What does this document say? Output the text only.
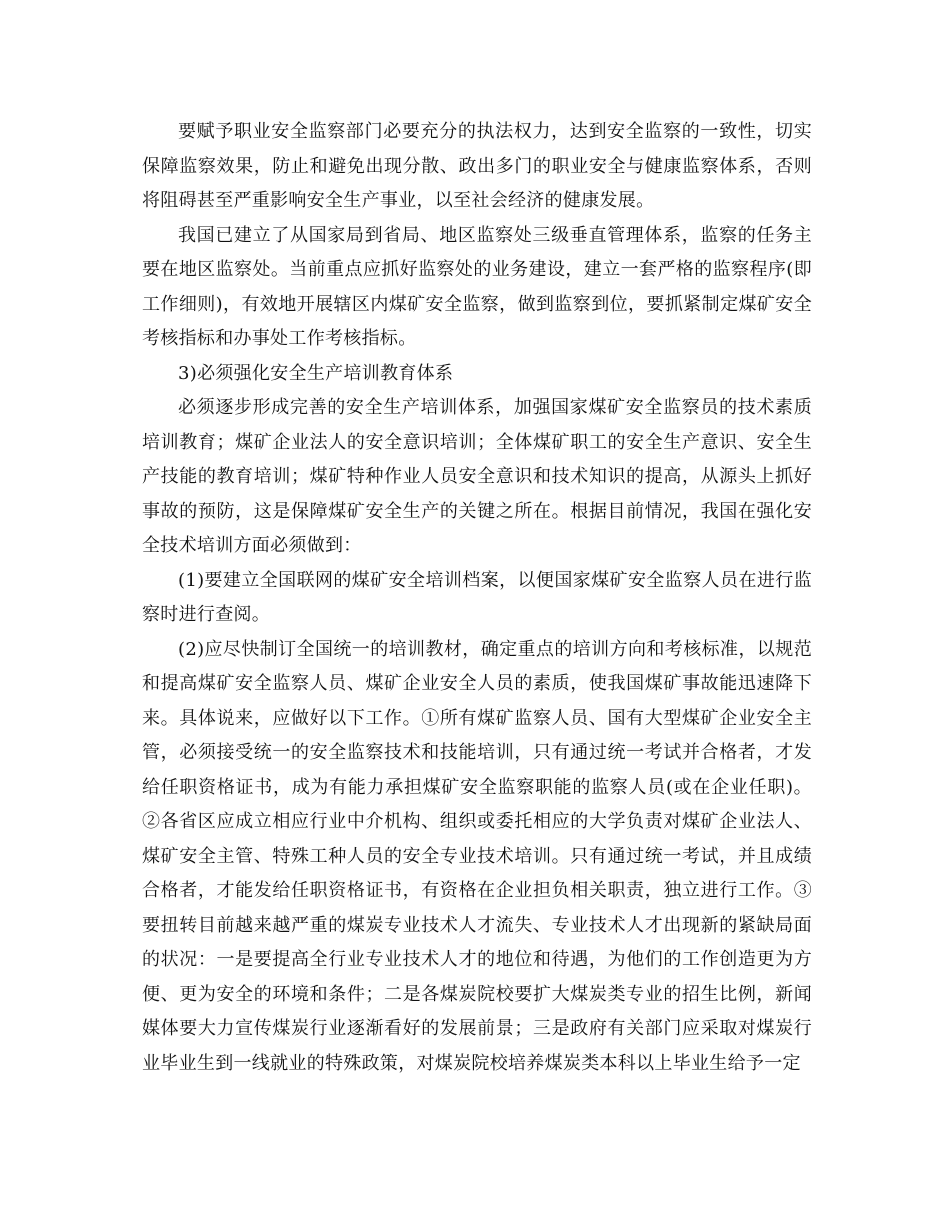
要赋予职业安全监察部门必要充分的执法权力，达到安全监察的一致性，切实保障监察效果，防止和避免出现分散、政出多门的职业安全与健康监察体系，否则将阻碍甚至严重影响安全生产事业，以至社会经济的健康发展。

我国已建立了从国家局到省局、地区监察处三级垂直管理体系，监察的任务主要在地区监察处。当前重点应抓好监察处的业务建设，建立一套严格的监察程序(即工作细则)，有效地开展辖区内煤矿安全监察，做到监察到位，要抓紧制定煤矿安全考核指标和办事处工作考核指标。

3)必须强化安全生产培训教育体系

必须逐步形成完善的安全生产培训体系，加强国家煤矿安全监察员的技术素质培训教育；煤矿企业法人的安全意识培训；全体煤矿职工的安全生产意识、安全生产技能的教育培训；煤矿特种作业人员安全意识和技术知识的提高，从源头上抓好事故的预防，这是保障煤矿安全生产的关键之所在。根据目前情况，我国在强化安全技术培训方面必须做到：

(1)要建立全国联网的煤矿安全培训档案，以便国家煤矿安全监察人员在进行监察时进行查阅。

(2)应尽快制订全国统一的培训教材，确定重点的培训方向和考核标准，以规范和提高煤矿安全监察人员、煤矿企业安全人员的素质，使我国煤矿事故能迅速降下来。具体说来，应做好以下工作。①所有煤矿监察人员、国有大型煤矿企业安全主管，必须接受统一的安全监察技术和技能培训，只有通过统一考试并合格者，才发给任职资格证书，成为有能力承担煤矿安全监察职能的监察人员(或在企业任职)。②各省区应成立相应行业中介机构、组织或委托相应的大学负责对煤矿企业法人、煤矿安全主管、特殊工种人员的安全专业技术培训。只有通过统一考试，并且成绩合格者，才能发给任职资格证书，有资格在企业担负相关职责，独立进行工作。③要扭转目前越来越严重的煤炭专业技术人才流失、专业技术人才出现新的紧缺局面的状况：一是要提高全行业专业技术人才的地位和待遇，为他们的工作创造更为方便、更为安全的环境和条件；二是各煤炭院校要扩大煤炭类专业的招生比例，新闻媒体要大力宣传煤炭行业逐渐看好的发展前景；三是政府有关部门应采取对煤炭行业毕业生到一线就业的特殊政策，对煤炭院校培养煤炭类本科以上毕业生给予一定
